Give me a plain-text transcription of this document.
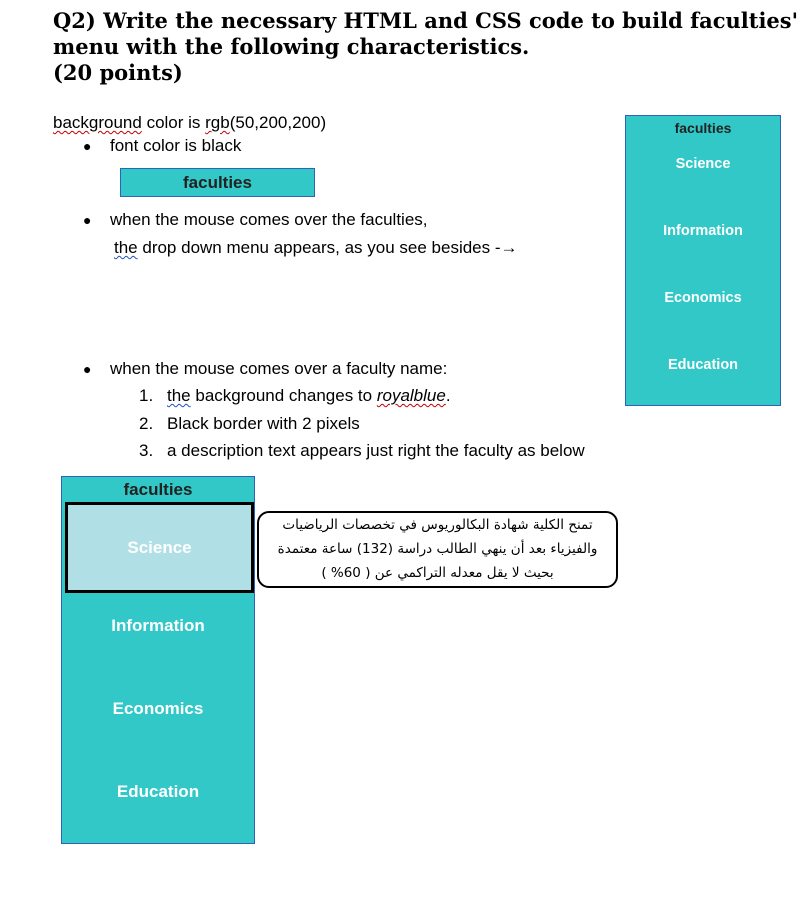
Q2) Write the necessary HTML and CSS code to build faculties'
menu with the following characteristics.
(20 points)
background color is rgb(50,200,200)
● font color is black
faculties
● when the mouse comes over the faculties,
the drop down menu appears, as you see besides -→
● when the mouse comes over a faculty name:
1. the background changes to royalblue.
2. Black border with 2 pixels
3. a description text appears just right the faculty as below
faculties
Science
Information
Economics
Education
faculties
Science
Information
Economics
Education
تمنح الكلية شهادة البكالوريوس في تخصصات الرياضيات
والفيزياء بعد أن ينهي الطالب دراسة (132) ساعة معتمدة
بحيث لا يقل معدله التراكمي عن ( 60% )
